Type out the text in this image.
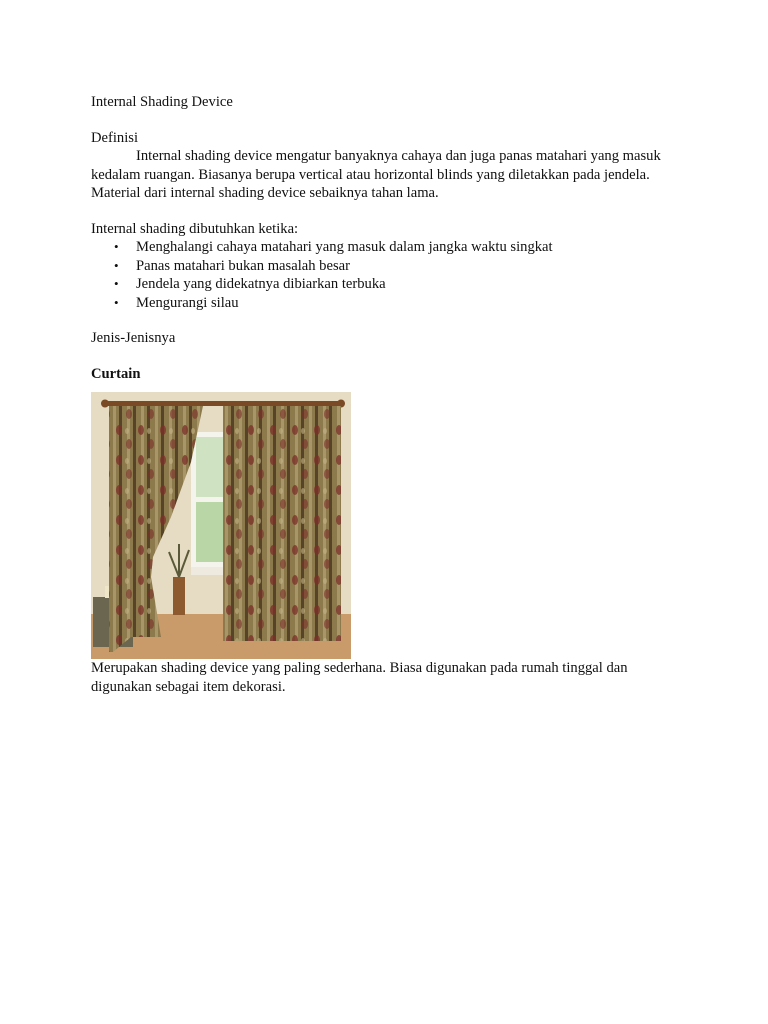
Internal Shading Device

Definisi

Internal shading device mengatur banyaknya cahaya dan juga panas matahari yang masuk

kedalam ruangan. Biasanya berupa vertical atau horizontal blinds yang diletakkan pada jendela.

Material dari internal shading device sebaiknya tahan lama.

Internal shading dibutuhkan ketika:

• Menghalangi cahaya matahari yang masuk dalam jangka waktu singkat
• Panas matahari bukan masalah besar
• Jendela yang didekatnya dibiarkan terbuka
• Mengurangi silau

Jenis-Jenisnya

Curtain

Merupakan shading device yang paling sederhana. Biasa digunakan pada rumah tinggal dan

digunakan sebagai item dekorasi.
